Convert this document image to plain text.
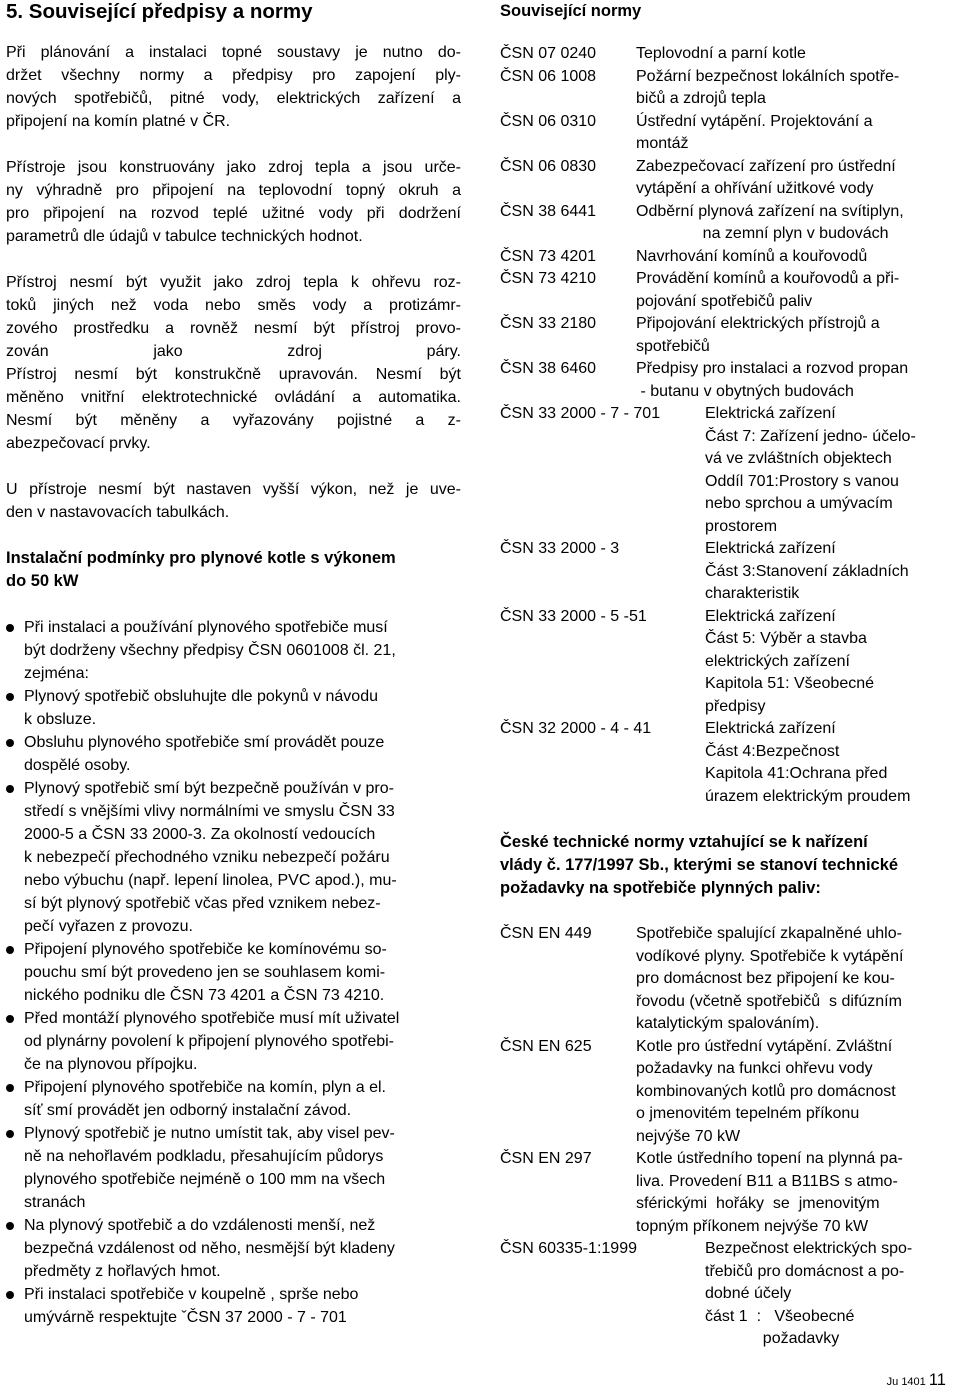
5. Související předpisy a normy
Při plánování a instalaci topné soustavy je nutno do-
držet všechny normy a předpisy pro zapojení ply-
nových spotřebičů, pitné vody, elektrických zařízení a
připojení na komín platné v ČR.
Přístroje jsou konstruovány jako zdroj tepla a jsou urče-
ny výhradně pro připojení na teplovodní topný okruh a
pro připojení na rozvod teplé užitné vody při dodržení
parametrů dle údajů v tabulce technických hodnot.
Přístroj nesmí být využit jako zdroj tepla k ohřevu roz-
toků jiných než voda nebo směs vody a protizámr-
zového prostředku a rovněž nesmí být přístroj provo-
zován jako zdroj páry.
Přístroj nesmí být konstrukčně upravován. Nesmí být
měněno vnitřní elektrotechnické ovládání a automatika.
Nesmí být měněny a vyřazovány pojistné a z-
abezpečovací prvky.
U přístroje nesmí být nastaven vyšší výkon, než je uve-
den v nastavovacích tabulkách.
Instalační podmínky pro plynové kotle s výkonem
do 50 kW
Při instalaci a používání plynového spotřebiče musí
být dodrženy všechny předpisy ČSN 0601008 čl. 21,
zejména:
Plynový spotřebič obsluhujte dle pokynů v návodu
k obsluze.
Obsluhu plynového spotřebiče smí provádět pouze
dospělé osoby.
Plynový spotřebič smí být bezpečně používán v pro-
středí s vnějšími vlivy normálními ve smyslu ČSN 33
2000-5 a ČSN 33 2000-3. Za okolností vedoucích
k nebezpečí přechodného vzniku nebezpečí požáru
nebo výbuchu (např. lepení linolea, PVC apod.), mu-
sí být plynový spotřebič včas před vznikem nebez-
pečí vyřazen z provozu.
Připojení plynového spotřebiče ke komínovému so-
pouchu smí být provedeno jen se souhlasem komi-
nického podniku dle ČSN 73 4201 a ČSN 73 4210.
Před montáží plynového spotřebiče musí mít uživatel
od plynárny povolení k připojení plynového spotřebi-
če na plynovou přípojku.
Připojení plynového spotřebiče na komín, plyn a el.
síť smí provádět jen odborný instalační závod.
Plynový spotřebič je nutno umístit tak, aby visel pev-
ně na nehořlavém podkladu, přesahujícím půdorys
plynového spotřebiče nejméně o 100 mm na všech
stranách
Na plynový spotřebič a do vzdálenosti menší, než
bezpečná vzdálenost od něho, nesmější být kladeny
předměty z hořlavých hmot.
Při instalaci spotřebiče v koupelně , sprše nebo
umývárně respektujte ˇČSN 37 2000 - 7 - 701
Související normy
ČSN 07 0240 Teplovodní a parní kotle
ČSN 06 1008 Požární bezpečnost lokálních spotře-
bičů a zdrojů tepla
ČSN 06 0310 Ústřední vytápění. Projektování a
montáž
ČSN 06 0830 Zabezpečovací zařízení pro ústřední
vytápění a ohřívání užitkové vody
ČSN 38 6441 Odběrní plynová zařízení na svítiplyn,
na zemní plyn v budovách
ČSN 73 4201 Navrhování komínů a kouřovodů
ČSN 73 4210 Provádění komínů a kouřovodů a při-
pojování spotřebičů paliv
ČSN 33 2180 Připojování elektrických přístrojů a
spotřebičů
ČSN 38 6460 Předpisy pro instalaci a rozvod propan
- butanu v obytných budovách
ČSN 33 2000 - 7 - 701	Elektrická zařízení
Část 7: Zařízení jedno- účelo-
vá ve zvláštních objektech
Oddíl 701:Prostory s vanou
nebo sprchou a umývacím
prostorem
ČSN 33 2000 - 3	Elektrická zařízení
Část 3:Stanovení základních
charakteristik
ČSN 33 2000 - 5 -51	Elektrická zařízení
Část 5: Výběr a stavba
elektrických zařízení
Kapitola 51: Všeobecné
předpisy
ČSN 32 2000 - 4 - 41	Elektrická zařízení
Část 4:Bezpečnost
Kapitola 41:Ochrana před
úrazem elektrickým proudem
České technické normy vztahující se k nařízení
vlády č. 177/1997 Sb., kterými se stanoví technické
požadavky na spotřebiče plynných paliv:
ČSN EN 449	Spotřebiče spalující zkapalněné uhlo-
vodíkové plyny. Spotřebiče k vytápění
pro domácnost bez připojení ke kou-
řovodu (včetně spotřebičů  s difúzním
katalytickým spalováním).
ČSN EN 625	Kotle pro ústřední vytápění. Zvláštní
požadavky na funkci ohřevu vody
kombinovaných kotlů pro domácnost
o jmenovitém tepelném příkonu
nejvýše 70 kW
ČSN EN 297	Kotle ústředního topení na plynná pa-
liva. Provedení B11 a B11BS s atmo-
sférickými  hořáky  se  jmenovitým
topným příkonem nejvýše 70 kW
ČSN 60335-1:1999	Bezpečnost elektrických spo-
třebičů pro domácnost a po-
dobné účely
část 1  :   Všeobecné
požadavky
Ju 1401 11
